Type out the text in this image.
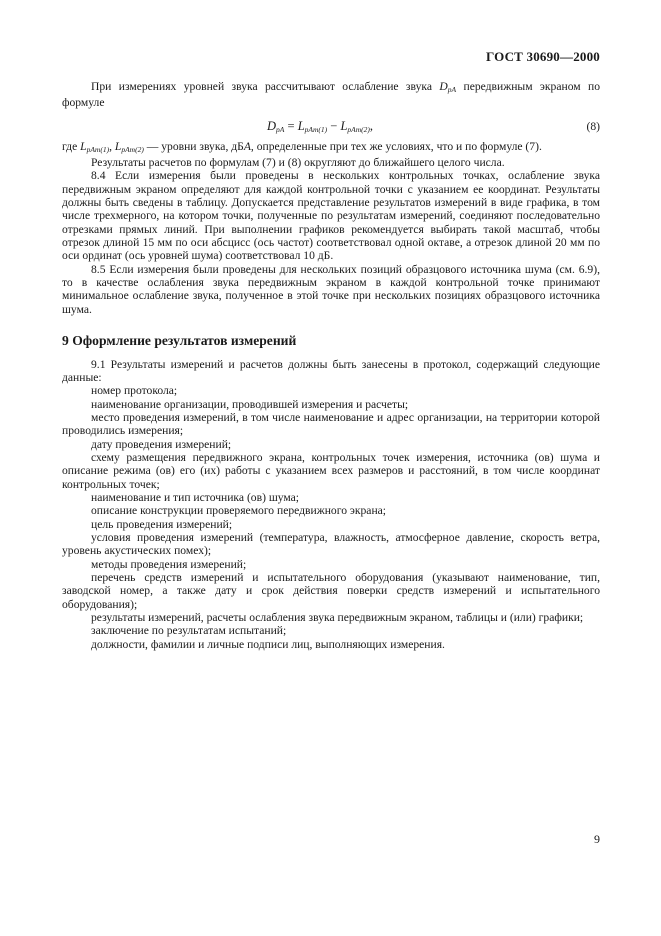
ГОСТ 30690—2000

При измерениях уровней звука рассчитывают ослабление звука $D_{pA}$ передвижным экраном по формуле

$D_{pA} = L_{pAm(1)} - L_{pAm(2)}$,	(8)

где $L_{pAm(1)}$, $L_{pAm(2)}$ — уровни звука, дБА, определенные при тех же условиях, что и по формуле (7).

Результаты расчетов по формулам (7) и (8) округляют до ближайшего целого числа.

8.4 Если измерения были проведены в нескольких контрольных точках, ослабление звука передвижным экраном определяют для каждой контрольной точки с указанием ее координат. Результаты должны быть сведены в таблицу. Допускается представление результатов измерений в виде графика, в том числе трехмерного, на котором точки, полученные по результатам измерений, соединяют последовательно отрезками прямых линий. При выполнении графиков рекомендуется выбирать такой масштаб, чтобы отрезок длиной 15 мм по оси абсцисс (ось частот) соответствовал одной октаве, а отрезок длиной 20 мм по оси ординат (ось уровней шума) соответствовал 10 дБ.

8.5 Если измерения были проведены для нескольких позиций образцового источника шума (см. 6.9), то в качестве ослабления звука передвижным экраном в каждой контрольной точке принимают минимальное ослабление звука, полученное в этой точке при нескольких позициях образцового источника шума.

9 Оформление результатов измерений

9.1 Результаты измерений и расчетов должны быть занесены в протокол, содержащий следующие данные:

номер протокола;

наименование организации, проводившей измерения и расчеты;

место проведения измерений, в том числе наименование и адрес организации, на территории которой проводились измерения;

дату проведения измерений;

схему размещения передвижного экрана, контрольных точек измерения, источника (ов) шума и описание режима (ов) его (их) работы с указанием всех размеров и расстояний, в том числе координат контрольных точек;

наименование и тип источника (ов) шума;

описание конструкции проверяемого передвижного экрана;

цель проведения измерений;

условия проведения измерений (температура, влажность, атмосферное давление, скорость ветра, уровень акустических помех);

методы проведения измерений;

перечень средств измерений и испытательного оборудования (указывают наименование, тип, заводской номер, а также дату и срок действия поверки средств измерений и испытательного оборудования);

результаты измерений, расчеты ослабления звука передвижным экраном, таблицы и (или) графики;

заключение по результатам испытаний;

должности, фамилии и личные подписи лиц, выполняющих измерения.

9
